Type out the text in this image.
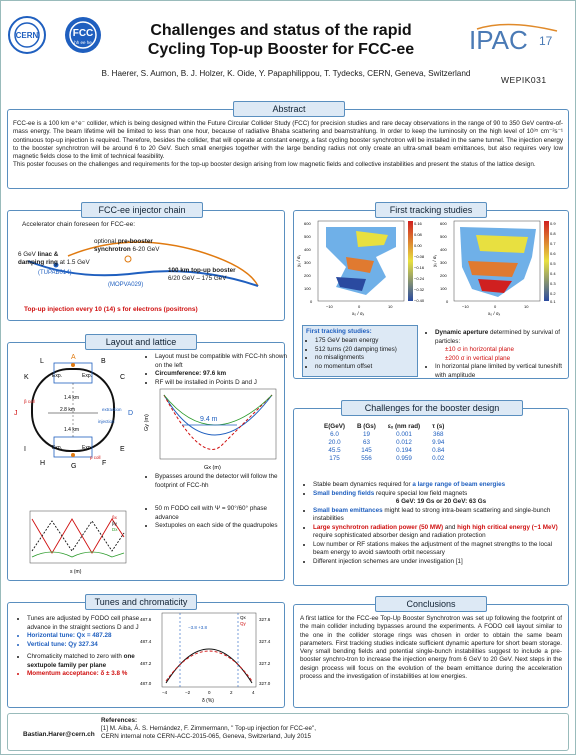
CERN	FCC
hh ee he
Challenges and status of the rapid
Cycling Top-up Booster for FCC-ee
B. Haerer, S. Aumon, B. J. Holzer, K. Oide, Y. Papaphilippou, T. Tydecks, CERN, Geneva, Switzerland
IPAC 17
WEPIK031
FCC-ee is a 100 km e⁺e⁻ collider, which is being designed within the Future Circular Collider Study (FCC) for precision studies and rare decay observations in the range of 90 to 350 GeV centre-of-mass energy. The beam lifetime will be limited to less than one hour, because of radiative Bhaba scattering and beamstrahlung. In order to keep the luminosity on the high level of 10³⁵ cm⁻²s⁻¹ continuous top-up injection is required. Therefore, besides the collider, that will operate at constant energy, a fast cycling booster synchrotron will be installed in the same tunnel. The injection energy to the booster synchrotron will be around 6 to 20 GeV. Such small energies together with the large bending radius not only create an ultra-small beam emittances, but also requires very low magnetic fields close to the limit of technical feasibility.
This poster focuses on the challenges and requirements for the top-up booster design arising from low magnetic fields and collective instabilities and present the status of the lattice design.
Abstract
Accelerator chain foreseen for FCC-ee:
6 GeV linac &
damping ring at 1.5 GeV
(TUPAB014)
optional pre-booster
synchrotron 6-20 GeV
(MOPVA029)
100 km top-up booster
6/20 GeV – 175 GeV
Top-up injection every 10 (14) s for electrons (positrons)
FCC-ee injector chain
L
A
B
C
D
E
F
G
H
I
J
K	Exp.	Exp.
Exp.	Exp.
1.4 km
1.4 km
2.8 km	extraction
β coll
injection
p coll
• Layout must be compatible with FCC-hh shown on the left
• Circumference: 97.6 km
• RF will be installed in Points D and J
9.4 m
Gx (m)
Gy (m)
• Bypasses around the detector will follow the footprint of FCC-hh
βx
βy
Dx
s (m)
• 50 m FODO cell with Ψ = 90°/60° phase advance
• Sextupoles on each side of the quadrupoles
Layout and lattice
• Tunes are adjusted by FODO cell phase advance in the straight sections D and J
• Horizontal tune: Qx = 487.28
• Vertical tune: Qy 327.34
• Chromaticity matched to zero with one sextupole family per plane
• Momentum acceptance: δ ± 3.8 %
−3.8 +3.8
Qx
Qy
487.6
487.4
487.2
487.0
327.6
327.4
327.2
327.0
−4	−2	0	2	4
δ (%)
Tunes and chromaticity
0.16
0.08
0.00
−0.08
−0.16
−0.24
−0.32
−0.40
600
500
400
300
200
100
0
−10	0	10
x₀ / σₓ
y₀ / σᵧ
0.9
0.8
0.7
0.6
0.5
0.4
0.3
0.2
0.1
600
500
400
300
200
100
0
−10	0	10
x₀ / σₓ
y₀ / σᵧ
First tracking studies:
• 175 GeV beam energy
• 512 turns (20 damping times)
• no misalignments
• no momentum offset
• Dynamic aperture determined by survival of particles:
±10 σ in horizontal plane
±200 σ in vertical plane
• In horizontal plane limited by vertical tuneshift with amplitude
First tracking studies
E(GeV)	B (Gs)	εₓ (nm rad)	τ (s)
6.0	19	0.001	368
20.0	63	0.012	9.94
45.5	145	0.194	0.84
175	556	0.959	0.02
• Stable beam dynamics required for a large range of beam energies
• Small bending fields require special low field magnets
6 GeV: 19 Gs or 20 GeV: 63 Gs
• Small beam emittances might lead to strong intra-beam scattering and single-bunch instabilities
• Large synchrotron radiation power (50 MW) and high high critical energy (~1 MeV) require sophisticated absorber design and radiation protection
• Low number or RF stations makes the adjustment of the magnet strengths to the local beam energy to avoid sawtooth orbit necessary
• Different injection schemes are under investigation [1]
Challenges for the booster design
A first lattice for the FCC-ee Top-Up Booster Synchrotron was set up following the footprint of the main collider including bypasses around the experiments. A FODO cell layout similar to the one in the collider storage rings was chosen in order to obtain the same beam parameters. First tracking studies indicate sufficient dynamic aperture for short beam storage. Very small bending fields and potential single-bunch instabilities suggest to include a pre-booster synchro-tron to increase the injection energy from 6 GeV to 20 GeV. Next steps in the design process will focus on the evolution of the beam emittance during the acceleration process and the investigation of instabilities at low energies.
Conclusions
Bastian.Harer@cern.ch
References:
[1] M. Aiba, Á. S. Hernández, F. Zimmermann, " Top-up injection for FCC-ee",
CERN internal note CERN-ACC-2015-065, Geneva, Switzerland, July 2015
